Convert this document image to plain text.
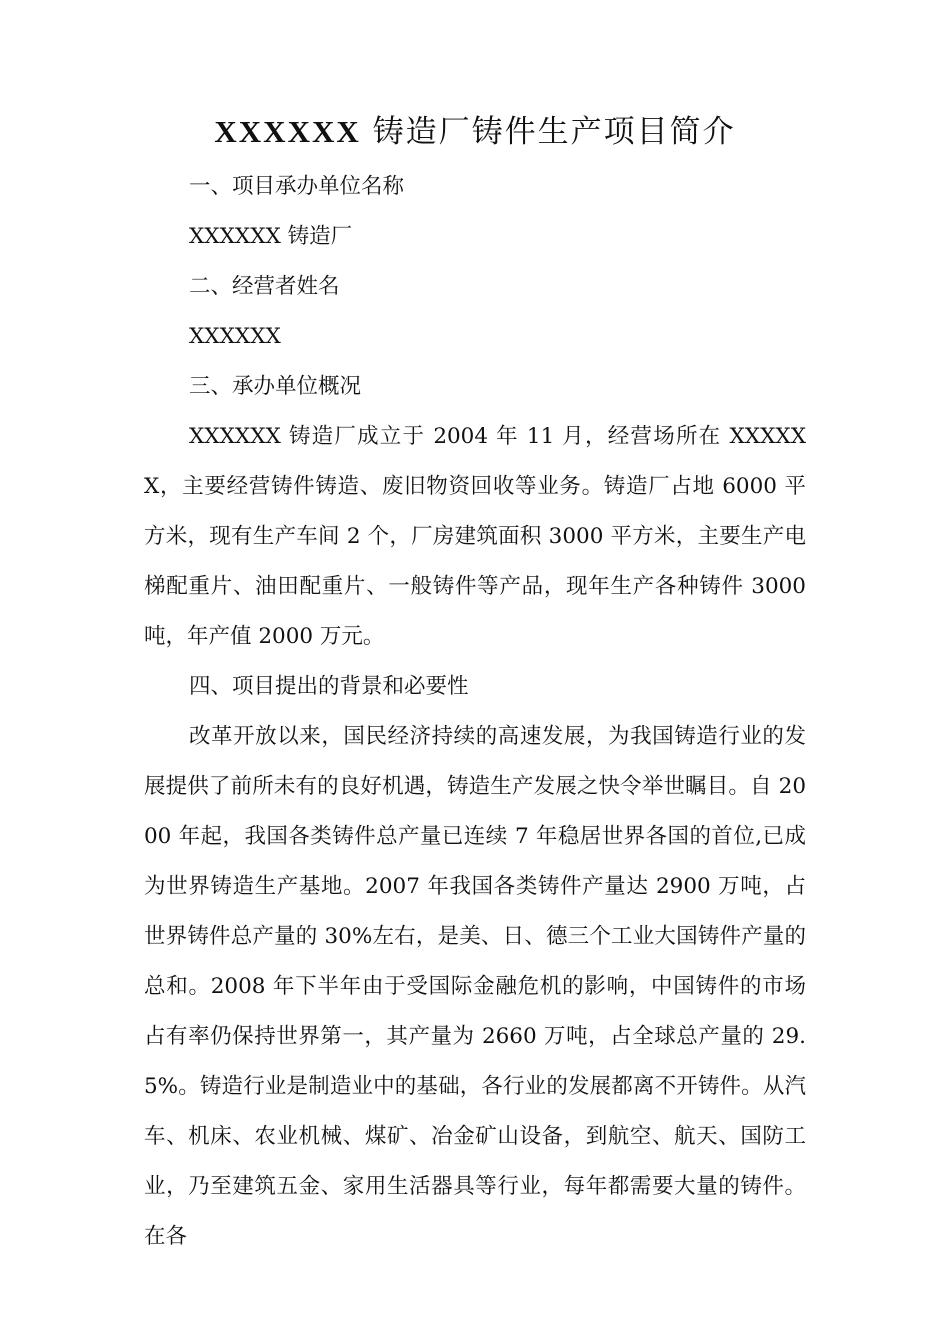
XXXXXX 铸造厂铸件生产项目简介

一、项目承办单位名称

XXXXXX 铸造厂

二、经营者姓名

XXXXXX

三、承办单位概况

XXXXXX 铸造厂成立于 2004 年 11 月，经营场所在 XXXXXX，主要经营铸件铸造、废旧物资回收等业务。铸造厂占地 6000 平方米，现有生产车间 2 个，厂房建筑面积 3000 平方米，主要生产电梯配重片、油田配重片、一般铸件等产品，现年生产各种铸件 3000 吨，年产值 2000 万元。

四、项目提出的背景和必要性

改革开放以来，国民经济持续的高速发展，为我国铸造行业的发展提供了前所未有的良好机遇，铸造生产发展之快令举世瞩目。自 2000 年起，我国各类铸件总产量已连续 7 年稳居世界各国的首位,已成为世界铸造生产基地。2007 年我国各类铸件产量达 2900 万吨，占世界铸件总产量的 30%左右，是美、日、德三个工业大国铸件产量的总和。2008 年下半年由于受国际金融危机的影响，中国铸件的市场占有率仍保持世界第一，其产量为 2660 万吨，占全球总产量的 29.5%。铸造行业是制造业中的基础，各行业的发展都离不开铸件。从汽车、机床、农业机械、煤矿、冶金矿山设备，到航空、航天、国防工业，乃至建筑五金、家用生活器具等行业，每年都需要大量的铸件。在各
